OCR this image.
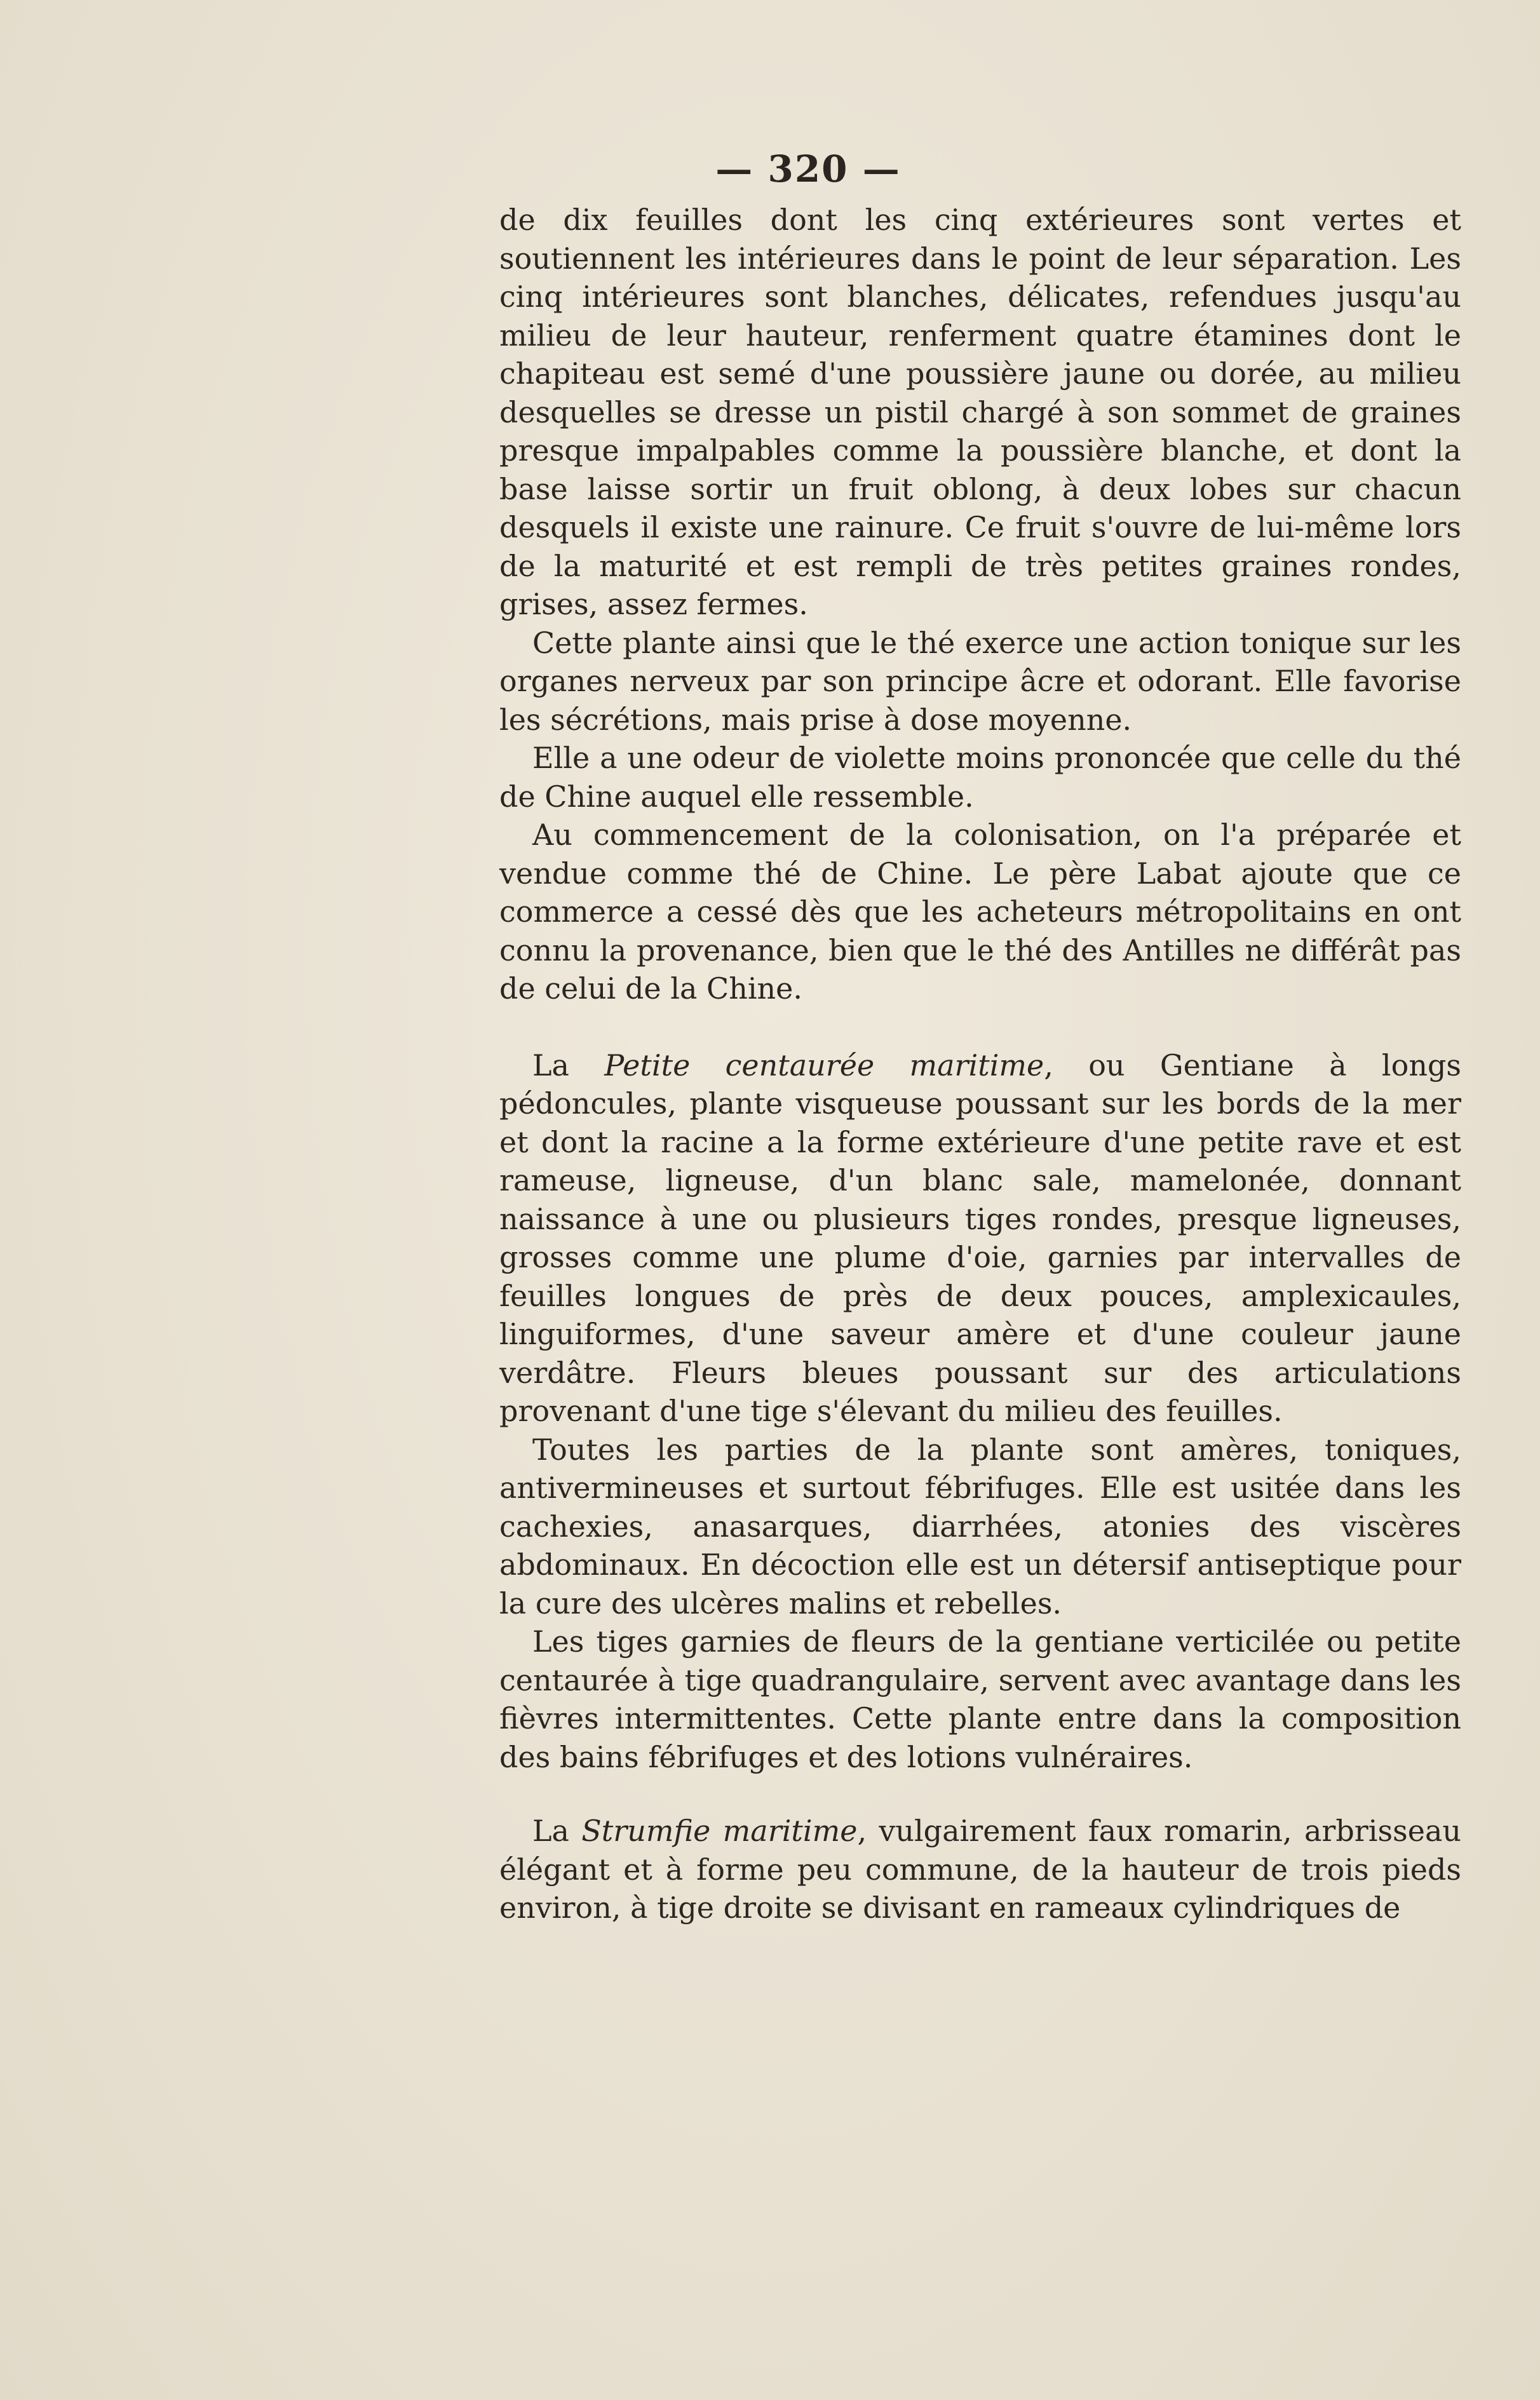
— 320 —

de dix feuilles dont les cinq extérieures sont vertes et soutiennent les intérieures dans le point de leur séparation. Les cinq intérieures sont blanches, délicates, refendues jusqu'au milieu de leur hauteur, renferment quatre étamines dont le chapiteau est semé d'une poussière jaune ou dorée, au milieu desquelles se dresse un pistil chargé à son sommet de graines presque impalpables comme la poussière blanche, et dont la base laisse sortir un fruit oblong, à deux lobes sur chacun desquels il existe une rainure. Ce fruit s'ouvre de lui-même lors de la maturité et est rempli de très petites graines rondes, grises, assez fermes.

Cette plante ainsi que le thé exerce une action tonique sur les organes nerveux par son principe âcre et odorant. Elle favorise les sécrétions, mais prise à dose moyenne.

Elle a une odeur de violette moins prononcée que celle du thé de Chine auquel elle ressemble.

Au commencement de la colonisation, on l'a préparée et vendue comme thé de Chine. Le père Labat ajoute que ce commerce a cessé dès que les acheteurs métropolitains en ont connu la provenance, bien que le thé des Antilles ne différât pas de celui de la Chine.

La Petite centaurée maritime, ou Gentiane à longs pédoncules, plante visqueuse poussant sur les bords de la mer et dont la racine a la forme extérieure d'une petite rave et est rameuse, ligneuse, d'un blanc sale, mamelonée, donnant naissance à une ou plusieurs tiges rondes, presque ligneuses, grosses comme une plume d'oie, garnies par intervalles de feuilles longues de près de deux pouces, amplexicaules, linguiformes, d'une saveur amère et d'une couleur jaune verdâtre. Fleurs bleues poussant sur des articulations provenant d'une tige s'élevant du milieu des feuilles.

Toutes les parties de la plante sont amères, toniques, antivermineuses et surtout fébrifuges. Elle est usitée dans les cachexies, anasarques, diarrhées, atonies des viscères abdominaux. En décoction elle est un détersif antiseptique pour la cure des ulcères malins et rebelles.

Les tiges garnies de fleurs de la gentiane verticilée ou petite centaurée à tige quadrangulaire, servent avec avantage dans les fièvres intermittentes. Cette plante entre dans la composition des bains fébrifuges et des lotions vulnéraires.

La Strumfie maritime, vulgairement faux romarin, arbrisseau élégant et à forme peu commune, de la hauteur de trois pieds environ, à tige droite se divisant en rameaux cylindriques de
